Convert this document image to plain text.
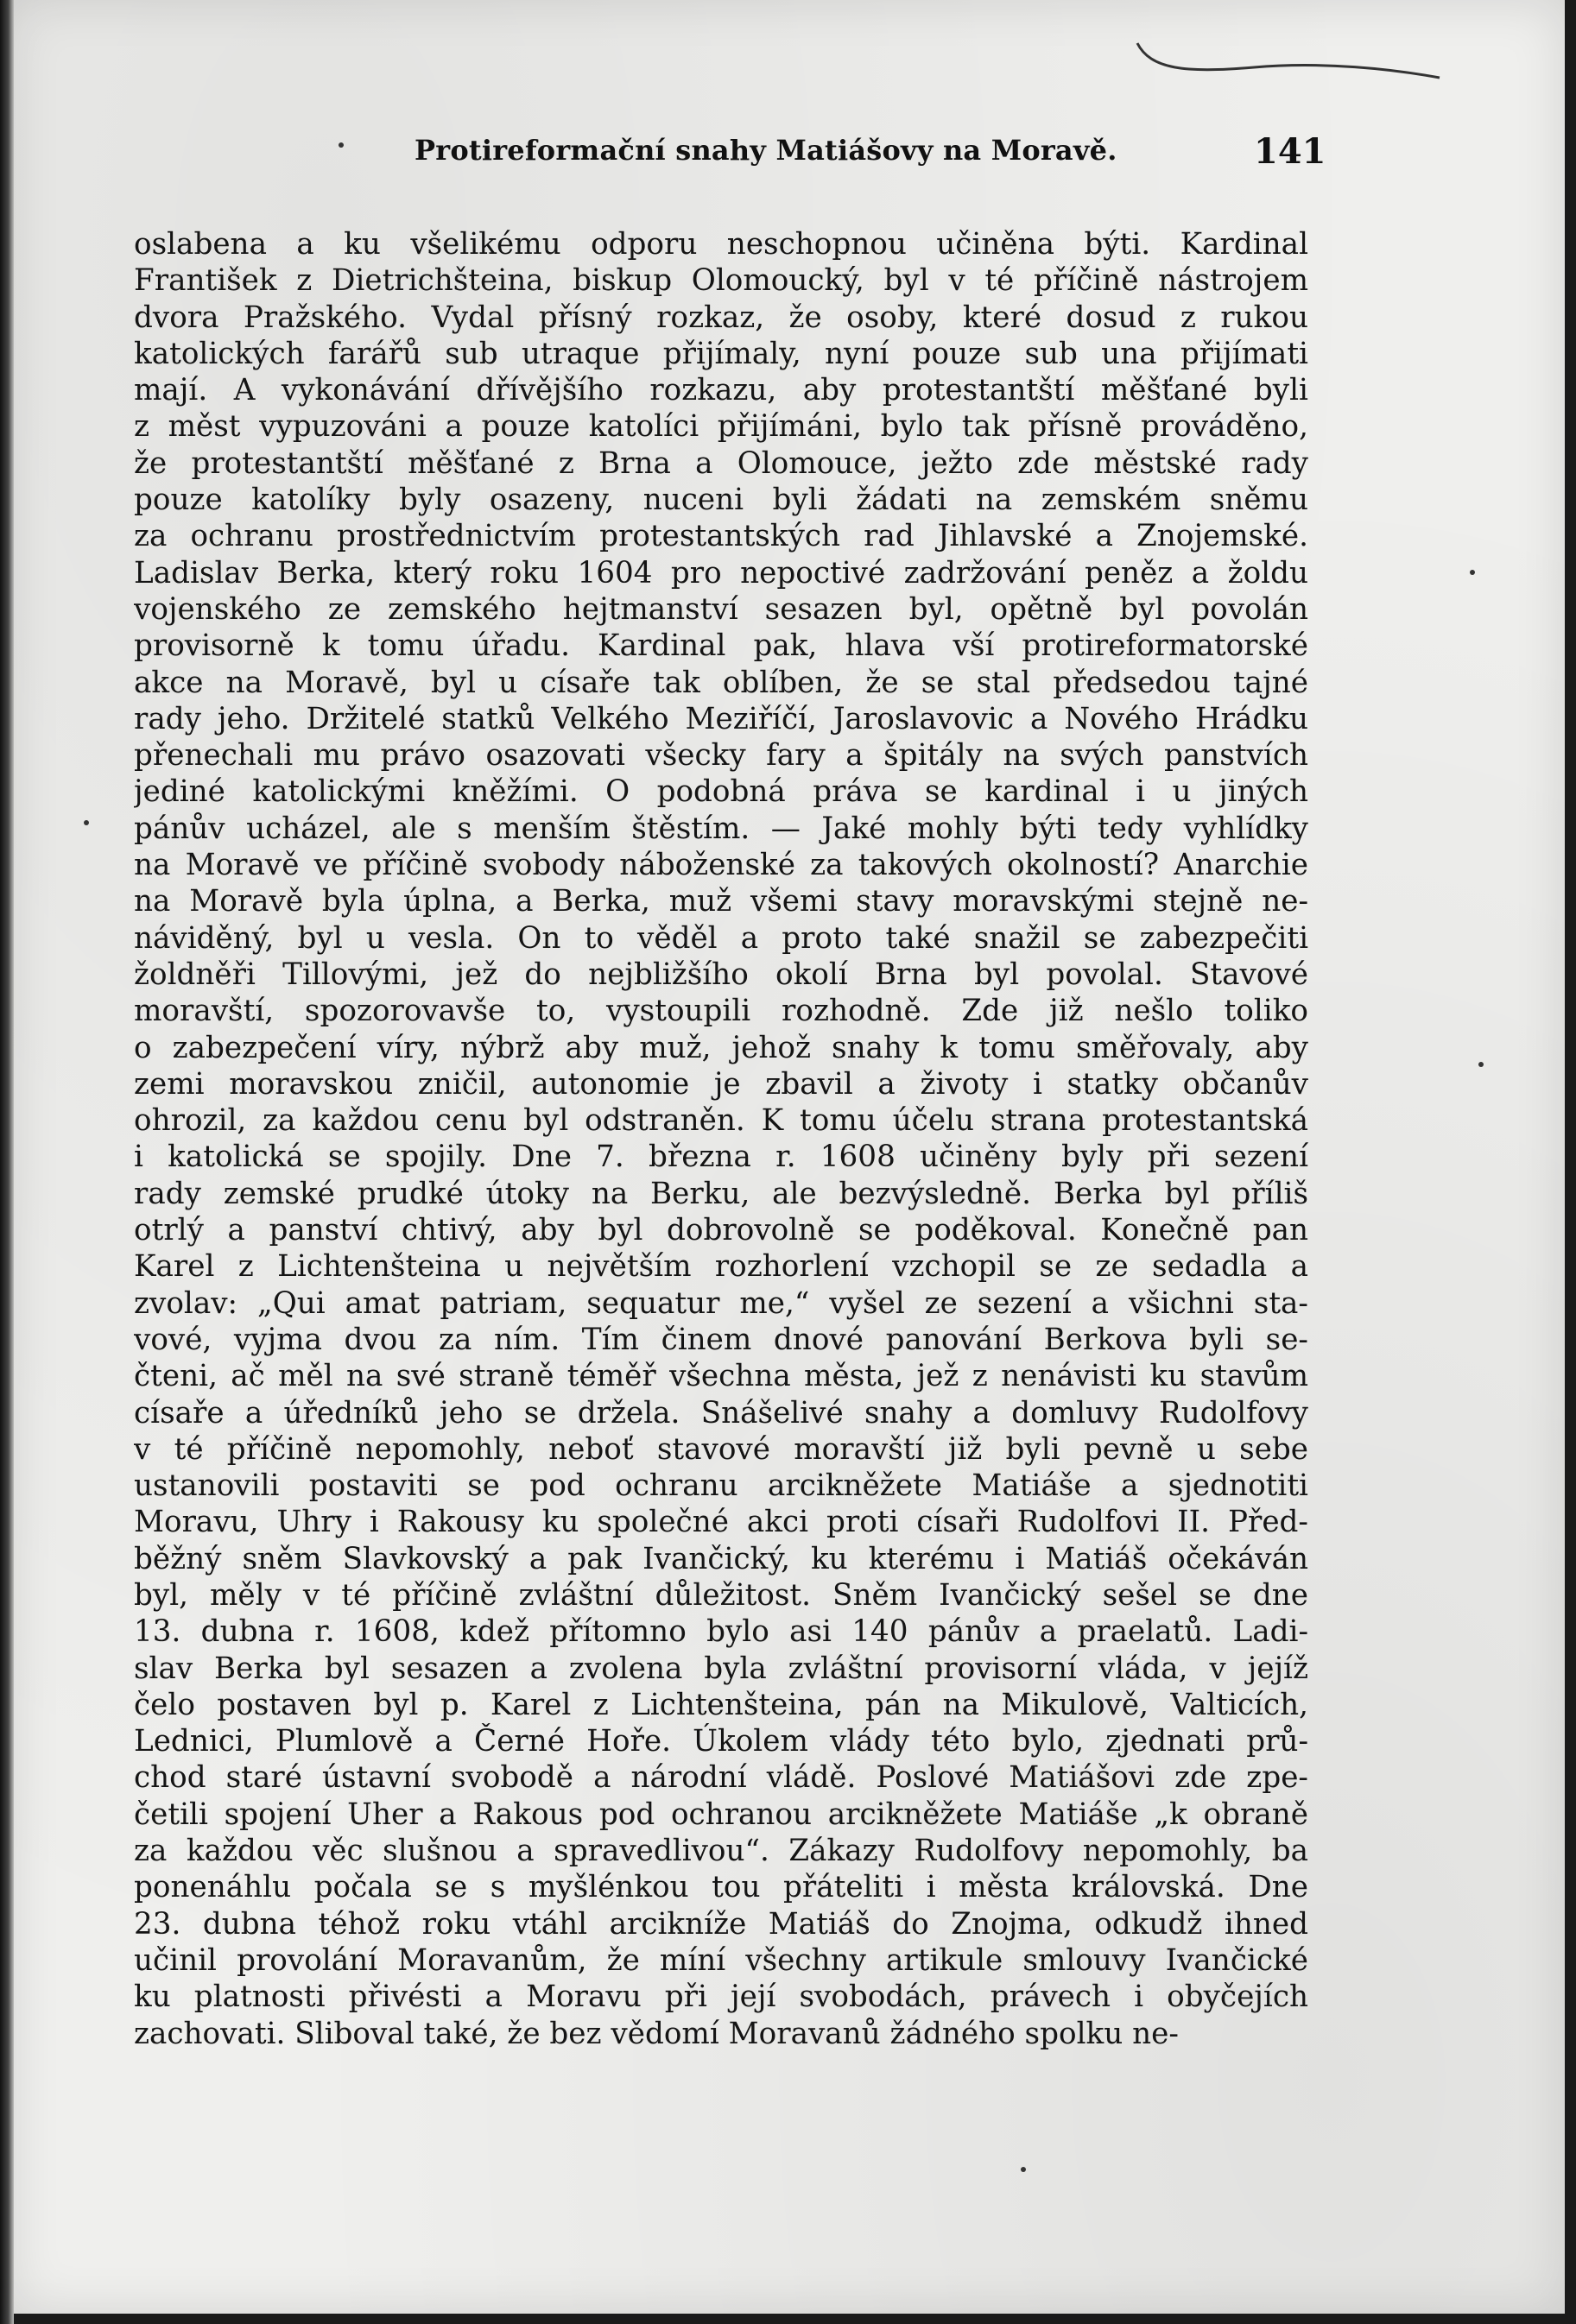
Protireformační snahy Matiášovy na Moravě.	141
oslabena a ku všelikému odporu neschopnou učiněna býti. Kardinal
František z Dietrichšteina, biskup Olomoucký, byl v té příčině nástrojem
dvora Pražského. Vydal přísný rozkaz, že osoby, které dosud z rukou
katolických farářů sub utraque přijímaly, nyní pouze sub una přijímati
mají. A vykonávání dřívějšího rozkazu, aby protestantští měšťané byli
z měst vypuzováni a pouze katolíci přijímáni, bylo tak přísně prováděno,
že protestantští měšťané z Brna a Olomouce, ježto zde městské rady
pouze katolíky byly osazeny, nuceni byli žádati na zemském sněmu
za ochranu prostřednictvím protestantských rad Jihlavské a Znojemské.
Ladislav Berka, který roku 1604 pro nepoctivé zadržování peněz a žoldu
vojenského ze zemského hejtmanství sesazen byl, opětně byl povolán
provisorně k tomu úřadu. Kardinal pak, hlava vší protireformatorské
akce na Moravě, byl u císaře tak oblíben, že se stal předsedou tajné
rady jeho. Držitelé statků Velkého Meziříčí, Jaroslavovic a Nového Hrádku
přenechali mu právo osazovati všecky fary a špitály na svých panstvích
jediné katolickými kněžími. O podobná práva se kardinal i u jiných
pánův ucházel, ale s menším štěstím. — Jaké mohly býti tedy vyhlídky
na Moravě ve příčině svobody náboženské za takových okolností? Anarchie
na Moravě byla úplna, a Berka, muž všemi stavy moravskými stejně ne-
náviděný, byl u vesla. On to věděl a proto také snažil se zabezpečiti
žoldněři Tillovými, jež do nejbližšího okolí Brna byl povolal. Stavové
moravští, spozorovavše to, vystoupili rozhodně. Zde již nešlo toliko
o zabezpečení víry, nýbrž aby muž, jehož snahy k tomu směřovaly, aby
zemi moravskou zničil, autonomie je zbavil a životy i statky občanův
ohrozil, za každou cenu byl odstraněn. K tomu účelu strana protestantská
i katolická se spojily. Dne 7. března r. 1608 učiněny byly při sezení
rady zemské prudké útoky na Berku, ale bezvýsledně. Berka byl příliš
otrlý a panství chtivý, aby byl dobrovolně se poděkoval. Konečně pan
Karel z Lichtenšteina u největším rozhorlení vzchopil se ze sedadla a
zvolav: „Qui amat patriam, sequatur me,“ vyšel ze sezení a všichni sta-
vové, vyjma dvou za ním. Tím činem dnové panování Berkova byli se-
čteni, ač měl na své straně téměř všechna města, jež z nenávisti ku stavům
císaře a úředníků jeho se držela. Snášelivé snahy a domluvy Rudolfovy
v té příčině nepomohly, neboť stavové moravští již byli pevně u sebe
ustanovili postaviti se pod ochranu arcikněžete Matiáše a sjednotiti
Moravu, Uhry i Rakousy ku společné akci proti císaři Rudolfovi II. Před-
běžný sněm Slavkovský a pak Ivančický, ku kterému i Matiáš očekáván
byl, měly v té příčině zvláštní důležitost. Sněm Ivančický sešel se dne
13. dubna r. 1608, kdež přítomno bylo asi 140 pánův a praelatů. Ladi-
slav Berka byl sesazen a zvolena byla zvláštní provisorní vláda, v jejíž
čelo postaven byl p. Karel z Lichtenšteina, pán na Mikulově, Valticích,
Lednici, Plumlově a Černé Hoře. Úkolem vlády této bylo, zjednati prů-
chod staré ústavní svobodě a národní vládě. Poslové Matiášovi zde zpe-
četili spojení Uher a Rakous pod ochranou arcikněžete Matiáše „k obraně
za každou věc slušnou a spravedlivou“. Zákazy Rudolfovy nepomohly, ba
ponenáhlu počala se s myšlénkou tou přáteliti i města královská. Dne
23. dubna téhož roku vtáhl arcikníže Matiáš do Znojma, odkudž ihned
učinil provolání Moravanům, že míní všechny artikule smlouvy Ivančické
ku platnosti přivésti a Moravu při její svobodách, právech i obyčejích
zachovati. Sliboval také, že bez vědomí Moravanů žádného spolku ne-
